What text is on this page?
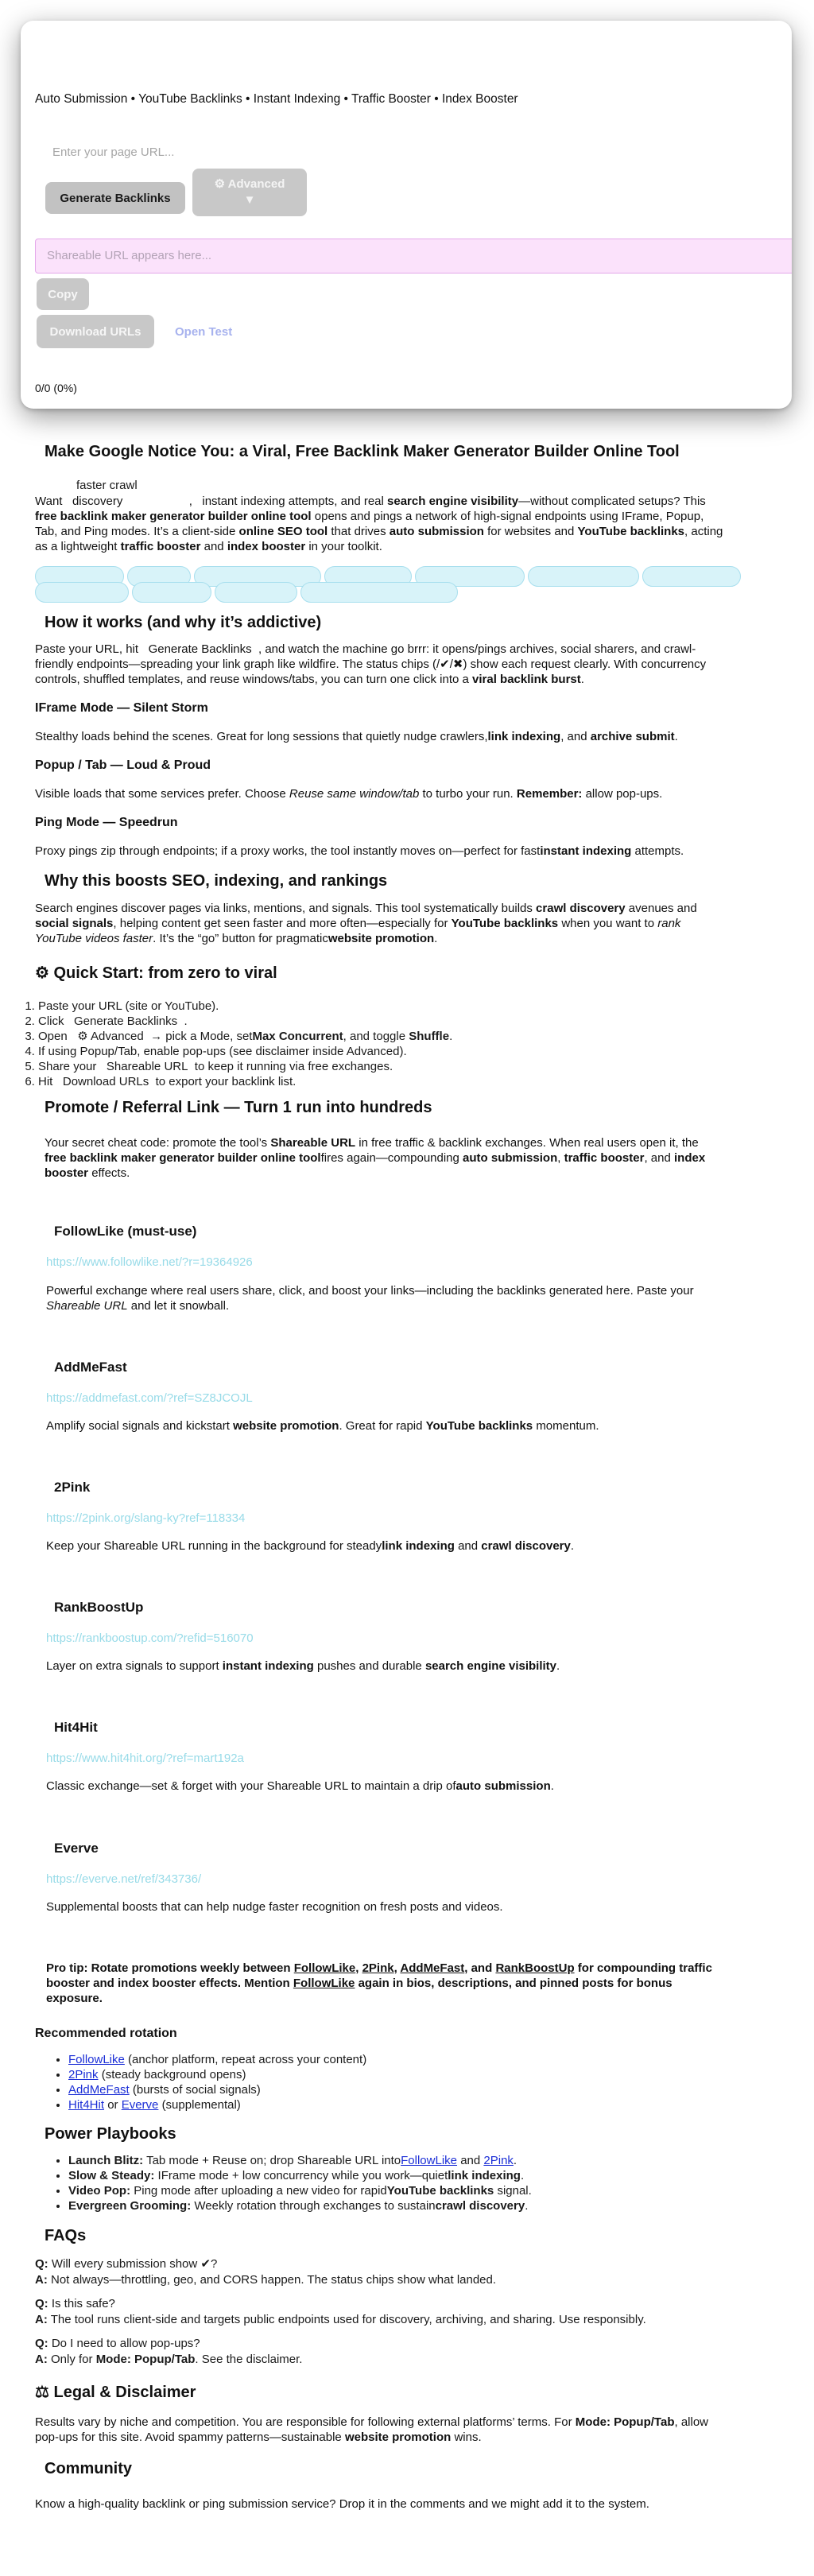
Auto Submission • YouTube Backlinks • Instant Indexing • Traffic Booster • Index Booster
Enter your page URL...
Generate Backlinks
⚙ Advanced
▼
Shareable URL appears here...
Copy
Download URLs	Open Test
0/0 (0%)
Make Google Notice You: a Viral, Free Backlink Maker Generator Builder Online Tool
faster crawl

Want discovery	, instant indexing attempts, and real search engine visibility—without complicated setups? This

free backlink maker generator builder online tool opens and pings a network of high-signal endpoints using IFrame, Popup,

Tab, and Ping modes. It’s a client-side online SEO tool that drives auto submission for websites and YouTube backlinks, acting

as a lightweight traffic booster and index booster in your toolkit.

How it works (and why it’s addictive)

Paste your URL, hit Generate Backlinks , and watch the machine go brrr: it opens/pings archives, social sharers, and crawl-

friendly endpoints—spreading your link graph like wildfire. The status chips (/✔/✖) show each request clearly. With concurrency

controls, shuffled templates, and reuse windows/tabs, you can turn one click into a viral backlink burst.

IFrame Mode — Silent Storm

Stealthy loads behind the scenes. Great for long sessions that quietly nudge crawlers,link indexing, and archive submit.

Popup / Tab — Loud & Proud

Visible loads that some services prefer. Choose Reuse same window/tab to turbo your run. Remember: allow pop-ups.

Ping Mode — Speedrun

Proxy pings zip through endpoints; if a proxy works, the tool instantly moves on—perfect for fastinstant indexing attempts.

Why this boosts SEO, indexing, and rankings

Search engines discover pages via links, mentions, and signals. This tool systematically builds crawl discovery avenues and

social signals, helping content get seen faster and more often—especially for YouTube backlinks when you want to rank

YouTube videos faster. It’s the “go” button for pragmaticwebsite promotion.

⚙ Quick Start: from zero to viral
1. Paste your URL (site or YouTube).
2. Click Generate Backlinks .
3. Open ⚙ Advanced → pick a Mode, setMax Concurrent, and toggle Shuffle.
4. If using Popup/Tab, enable pop-ups (see disclaimer inside Advanced).
5. Share your Shareable URL to keep it running via free exchanges.
6. Hit Download URLs to export your backlink list.
Promote / Referral Link — Turn 1 run into hundreds

Your secret cheat code: promote the tool’s Shareable URL in free traffic & backlink exchanges. When real users open it, the

free backlink maker generator builder online toolfires again—compounding auto submission, traffic booster, and index

booster effects.

FollowLike (must-use)
https://www.followlike.net/?r=19364926

Powerful exchange where real users share, click, and boost your links—including the backlinks generated here. Paste your
Shareable URL and let it snowball.

AddMeFast
https://addmefast.com/?ref=SZ8JCOJL

Amplify social signals and kickstart website promotion. Great for rapid YouTube backlinks momentum.

2Pink
https://2pink.org/slang-ky?ref=118334

Keep your Shareable URL running in the background for steadylink indexing and crawl discovery.

RankBoostUp
https://rankboostup.com/?refid=516070

Layer on extra signals to support instant indexing pushes and durable search engine visibility.

Hit4Hit
https://www.hit4hit.org/?ref=mart192a

Classic exchange—set & forget with your Shareable URL to maintain a drip ofauto submission.

Everve
https://everve.net/ref/343736/

Supplemental boosts that can help nudge faster recognition on fresh posts and videos.

Pro tip: Rotate promotions weekly between FollowLike, 2Pink, AddMeFast, and RankBoostUp for compounding traffic
booster and index booster effects. Mention FollowLike again in bios, descriptions, and pinned posts for bonus
exposure.

Recommended rotation
• FollowLike (anchor platform, repeat across your content)
• 2Pink (steady background opens)
• AddMeFast (bursts of social signals)
• Hit4Hit or Everve (supplemental)
Power Playbooks
• Launch Blitz: Tab mode + Reuse on; drop Shareable URL intoFollowLike and 2Pink.
• Slow & Steady: IFrame mode + low concurrency while you work—quietlink indexing.
• Video Pop: Ping mode after uploading a new video for rapidYouTube backlinks signal.
• Evergreen Grooming: Weekly rotation through exchanges to sustaincrawl discovery.
FAQs

Q: Will every submission show ✔?
A: Not always—throttling, geo, and CORS happen. The status chips show what landed.

Q: Is this safe?
A: The tool runs client-side and targets public endpoints used for discovery, archiving, and sharing. Use responsibly.

Q: Do I need to allow pop-ups?
A: Only for Mode: Popup/Tab. See the disclaimer.

⚖ Legal & Disclaimer

Results vary by niche and competition. You are responsible for following external platforms’ terms. For Mode: Popup/Tab, allow

pop-ups for this site. Avoid spammy patterns—sustainable website promotion wins.

Community

Know a high-quality backlink or ping submission service? Drop it in the comments and we might add it to the system.
